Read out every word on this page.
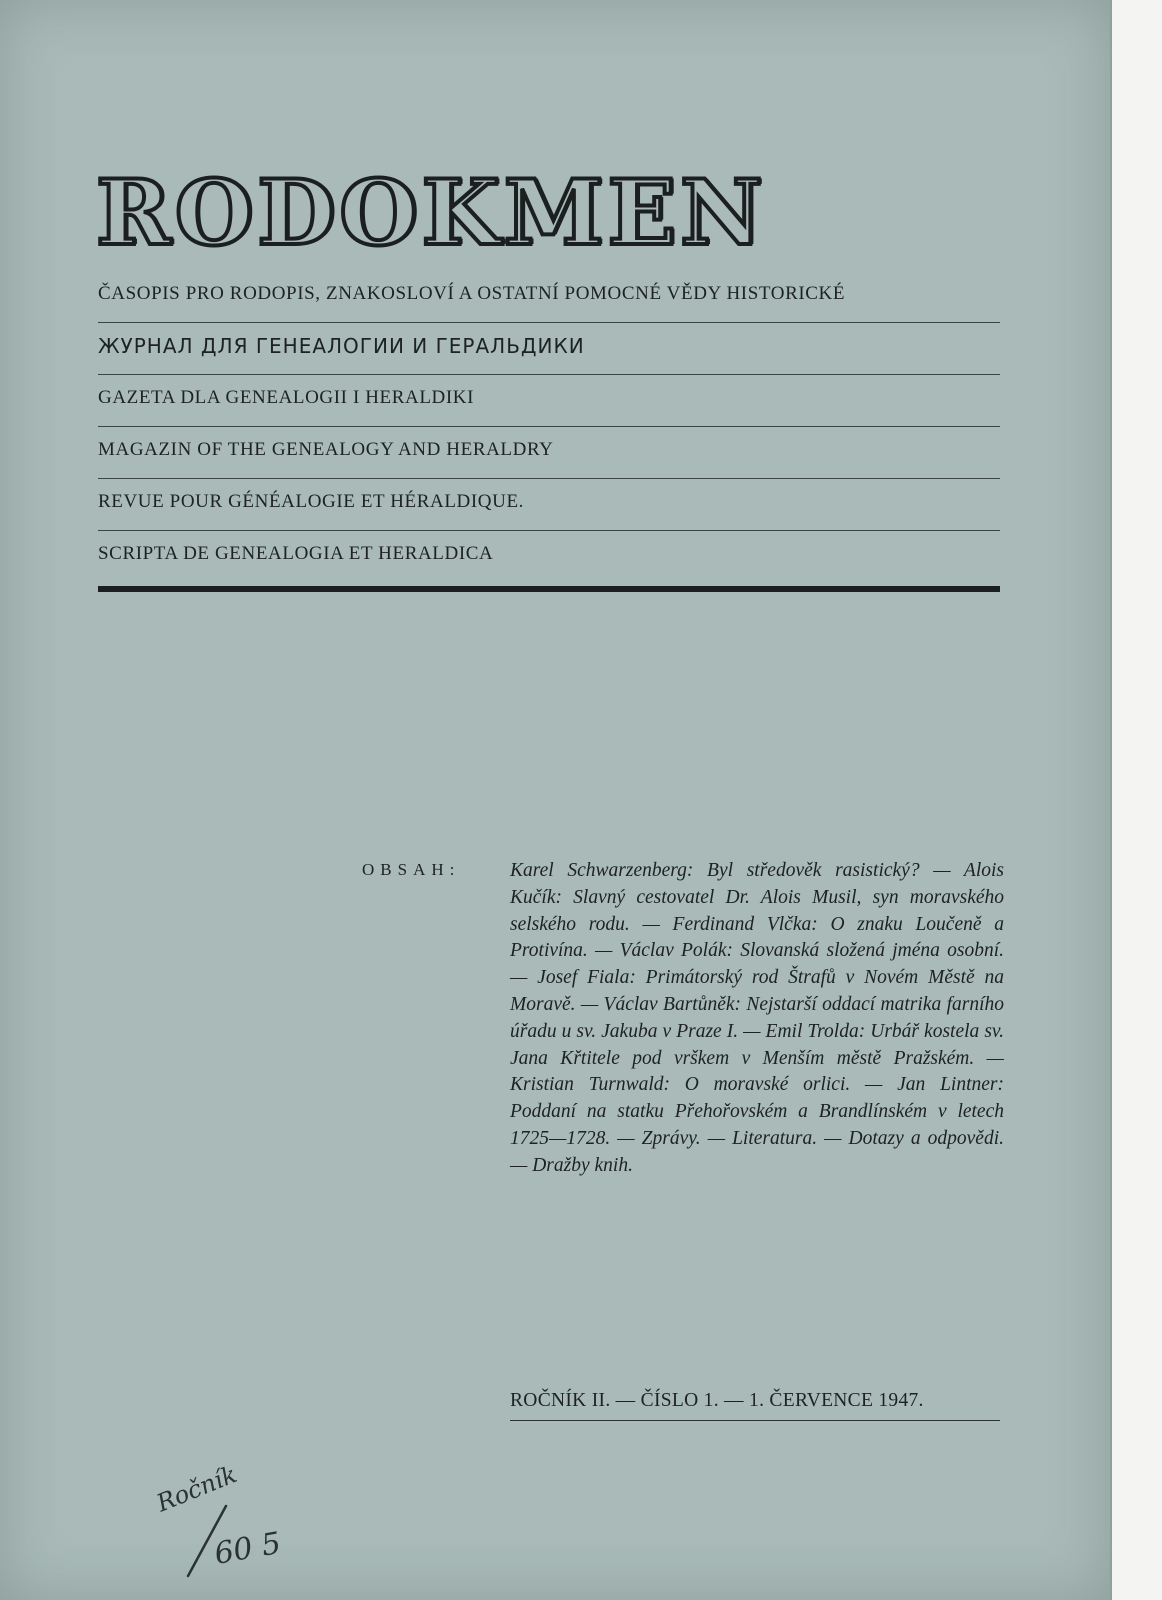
RODOKMEN
ČASOPIS PRO RODOPIS, ZNAKOSLOVÍ A OSTATNÍ POMOCNÉ VĚDY HISTORICKÉ
ЖУРНАЛ ДЛЯ ГЕНЕАЛОГИИ И ГЕРАЛЬДИКИ
GAZETA DLA GENEALOGII I HERALDIKI
MAGAZIN OF THE GENEALOGY AND HERALDRY
REVUE POUR GÉNÉALOGIE ET HÉRALDIQUE.
SCRIPTA DE GENEALOGIA ET HERALDICA
OBSAH:	Karel Schwarzenberg: Byl středověk rasistický? — Alois Kučík: Slavný cestovatel Dr. Alois Musil, syn moravského selského rodu. — Ferdinand Vlčka: O znaku Loučeně a Protivína. — Václav Polák: Slovanská složená jména osobní. — Josef Fiala: Primátorský rod Štrafů v Novém Městě na Moravě. — Václav Bartůněk: Nejstarší oddací matrika farního úřadu u sv. Jakuba v Praze I. — Emil Trolda: Urbář kostela sv. Jana Křtitele pod vrškem v Menším městě Pražském. — Kristian Turnwald: O moravské orlici. — Jan Lintner: Poddaní na statku Přehořovském a Brandlínském v letech 1725—1728. — Zprávy. — Literatura. — Dotazy a odpovědi. — Dražby knih.
ROČNÍK II. — ČÍSLO 1. — 1. ČERVENCE 1947.
Ročník
60 5
